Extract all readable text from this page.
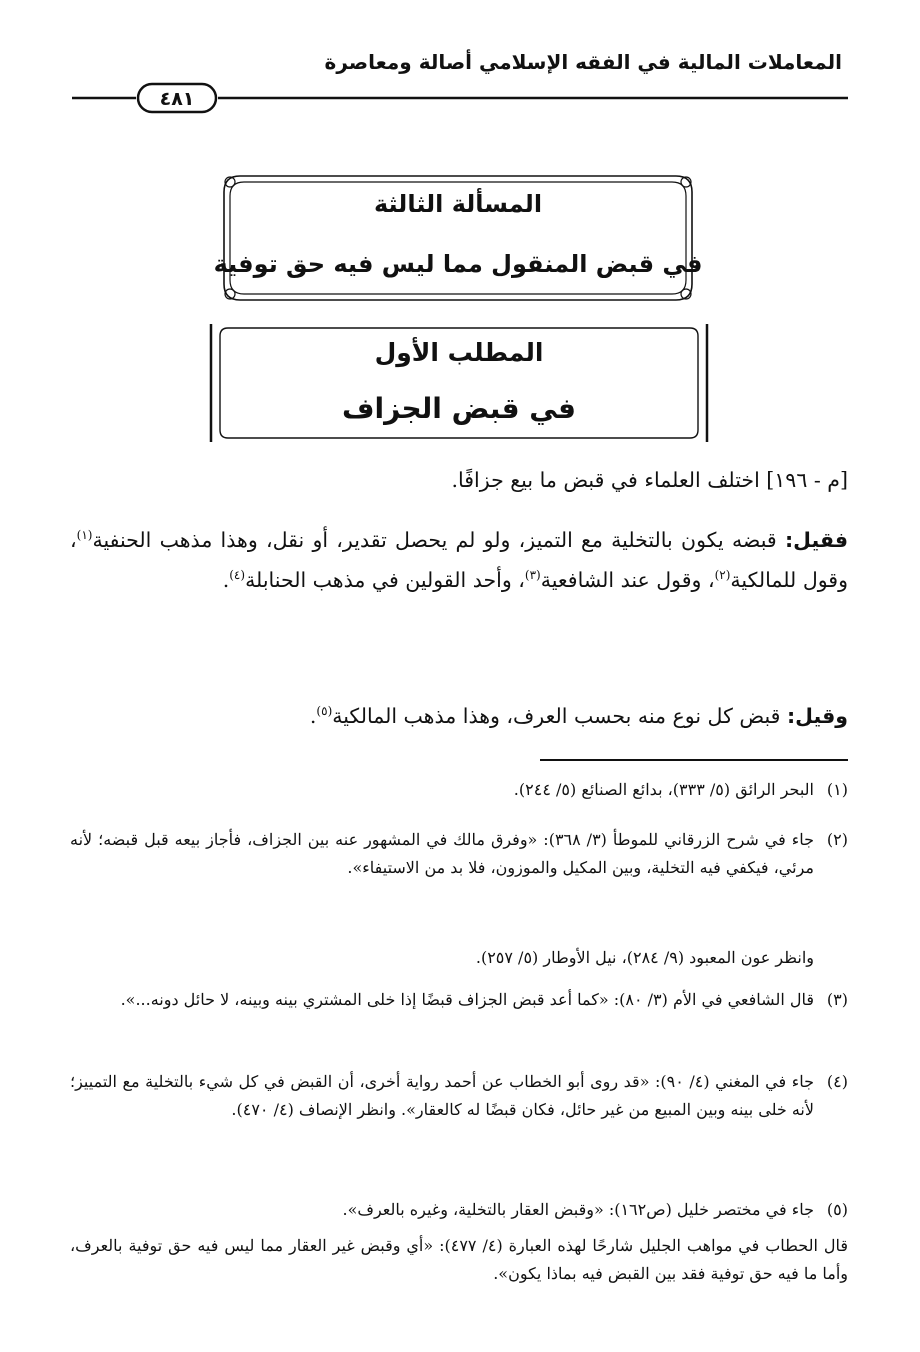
المعاملات المالية في الفقه الإسلامي أصالة ومعاصرة
٤٨١
المسألة الثالثة
في قبض المنقول مما ليس فيه حق توفية
المطلب الأول
في قبض الجزاف
[م - ١٩٦] اختلف العلماء في قبض ما بيع جزافًا.
فقيل: قبضه يكون بالتخلية مع التميز، ولو لم يحصل تقدير، أو نقل، وهذا مذهب الحنفية$^{(١)}$، وقول للمالكية$^{(٢)}$، وقول عند الشافعية$^{(٣)}$، وأحد القولين في مذهب الحنابلة$^{(٤)}$.
وقيل: قبض كل نوع منه بحسب العرف، وهذا مذهب المالكية$^{(٥)}$.
(١)
البحر الرائق (٥/ ٣٣٣)، بدائع الصنائع (٥/ ٢٤٤).
(٢)
جاء في شرح الزرقاني للموطأ (٣/ ٣٦٨): «وفرق مالك في المشهور عنه بين الجزاف، فأجاز بيعه قبل قبضه؛ لأنه مرئي، فيكفي فيه التخلية، وبين المكيل والموزون، فلا بد من الاستيفاء».
وانظر عون المعبود (٩/ ٢٨٤)، نيل الأوطار (٥/ ٢٥٧).
(٣)
قال الشافعي في الأم (٣/ ٨٠): «كما أعد قبض الجزاف قبضًا إذا خلى المشتري بينه وبينه، لا حائل دونه...».
(٤)
جاء في المغني (٤/ ٩٠): «قد روى أبو الخطاب عن أحمد رواية أخرى، أن القبض في كل شيء بالتخلية مع التمييز؛ لأنه خلى بينه وبين المبيع من غير حائل، فكان قبضًا له كالعقار». وانظر الإنصاف (٤/ ٤٧٠).
(٥)
جاء في مختصر خليل (ص١٦٢): «وقبض العقار بالتخلية، وغيره بالعرف».
قال الحطاب في مواهب الجليل شارحًا لهذه العبارة (٤/ ٤٧٧): «أي وقبض غير العقار مما ليس فيه حق توفية بالعرف، وأما ما فيه حق توفية فقد بين القبض فيه بماذا يكون».
